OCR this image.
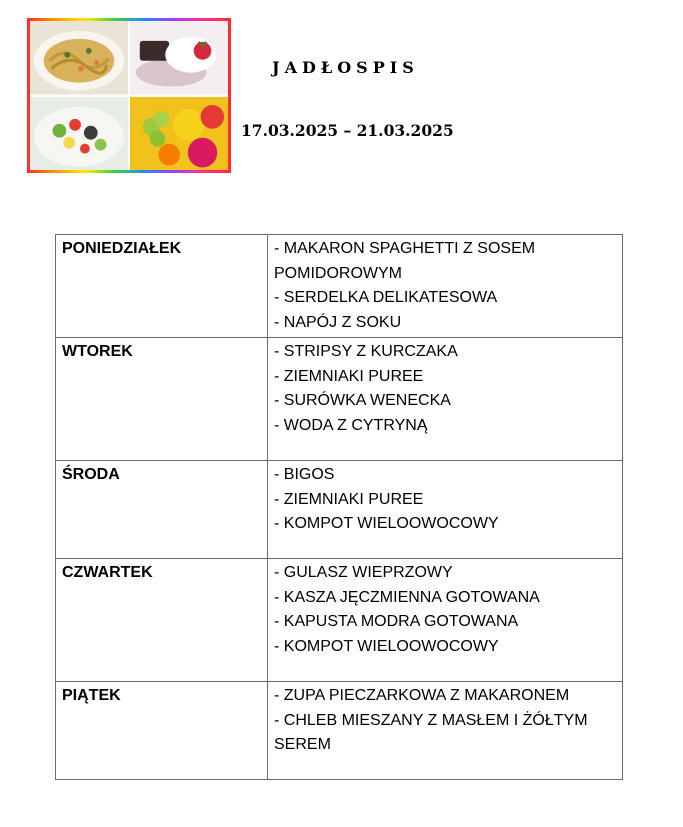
JADŁOSPIS
17.03.2025 – 21.03.2025
PONIEDZIAŁEK	- MAKARON SPAGHETTI Z SOSEM POMIDOROWYM
- SERDELKA DELIKATESOWA
- NAPÓJ Z SOKU

WTOREK	- STRIPSY Z KURCZAKA
- ZIEMNIAKI PUREE
- SURÓWKA WENECKA
- WODA Z CYTRYNĄ

ŚRODA	- BIGOS
- ZIEMNIAKI PUREE
- KOMPOT WIELOOWOCOWY

CZWARTEK	- GULASZ WIEPRZOWY
- KASZA JĘCZMIENNA GOTOWANA
- KAPUSTA MODRA GOTOWANA
- KOMPOT WIELOOWOCOWY

PIĄTEK	- ZUPA PIECZARKOWA Z MAKARONEM
- CHLEB MIESZANY Z MASŁEM I ŻÓŁTYM SEREM
